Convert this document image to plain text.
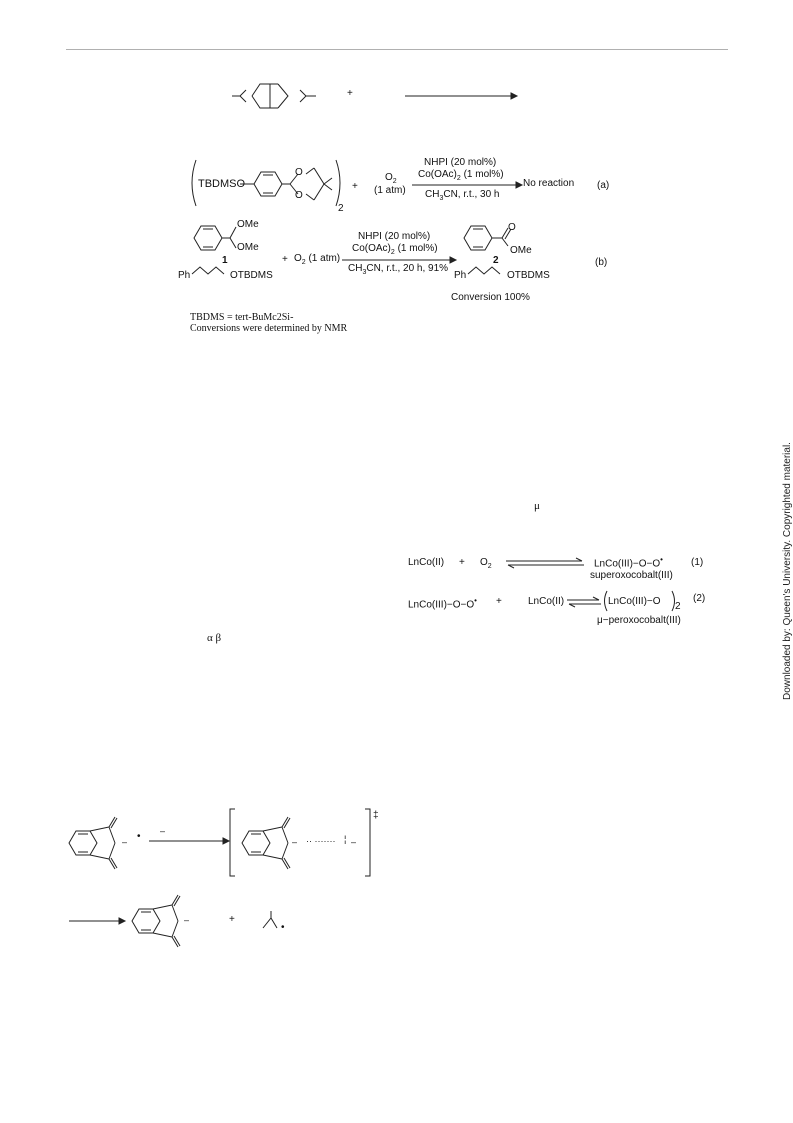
+
TBDMSO
O
O
2
+
$O_2$
(1 atm)
NHPI (20 mol%)
$Co(OAc)_2$ (1 mol%)
$CH_3CN$, r.t., 30 h
No reaction (a)
OMe
OMe
1
Ph	OTBDMS
+ $O_2$ (1 atm)
NHPI (20 mol%)
$Co(OAc)_2$ (1 mol%)
$CH_3CN$, r.t., 20 h, 91%
O
OMe
2
Ph	OTBDMS
Conversion 100%
(b)
TBDMS = tert-BuMc2Si-
Conversions were determined by NMR
μ
LnCo(II) + $O_2$	LnCo(III)−O−O•
superoxocobalt(III)
(1)
LnCo(III)−O−O• +	LnCo(II)	LnCo(III)−O 2
μ−peroxocobalt(III)
(2)
α β
– • –
– ·· ······· ¦ –
‡
–	+
•
Downloaded by: Queen's University. Copyrighted material.
